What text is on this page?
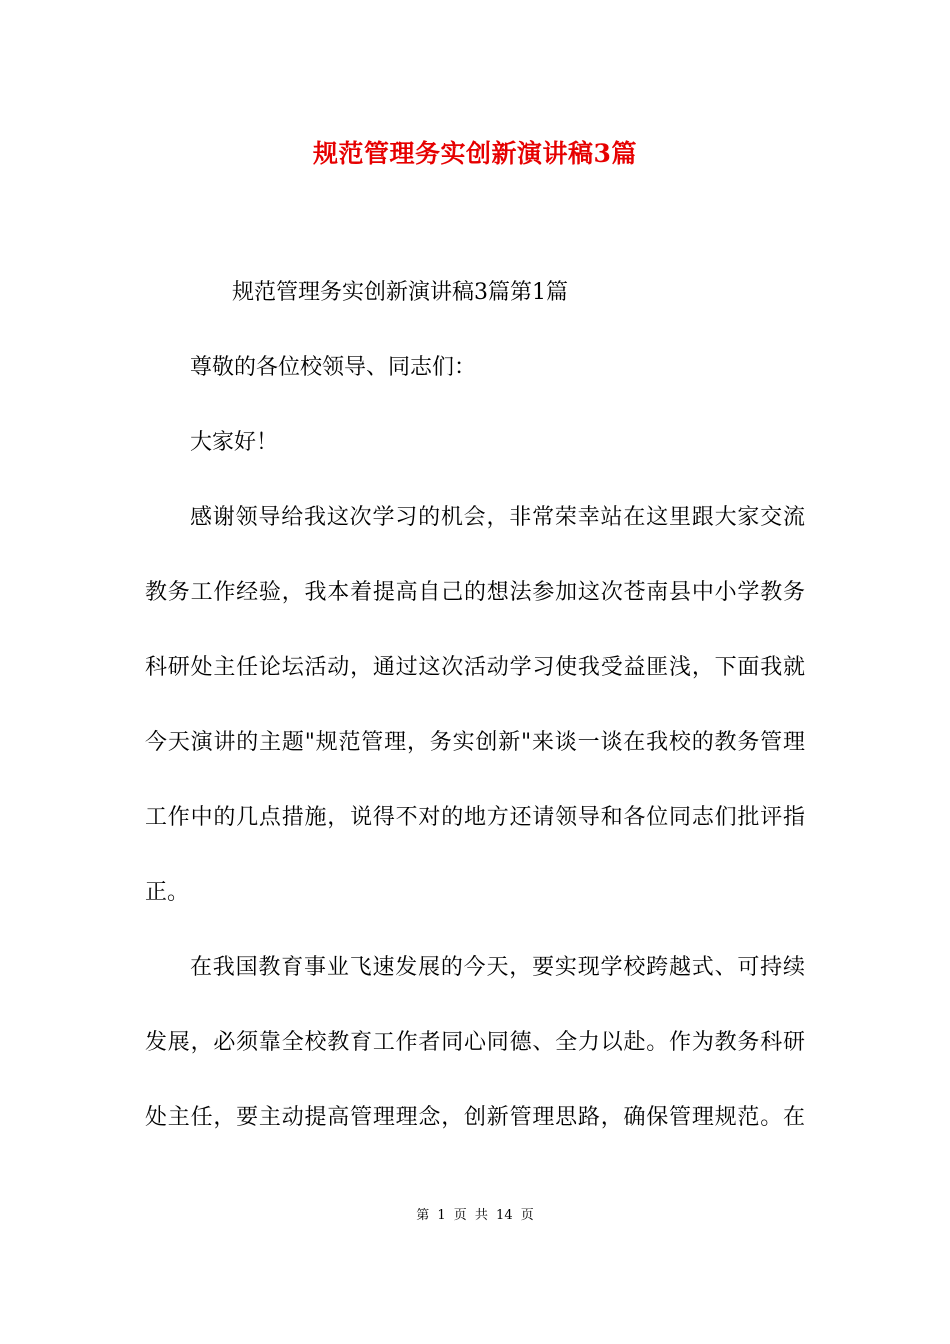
规范管理务实创新演讲稿3篇
规范管理务实创新演讲稿3篇第1篇
尊敬的各位校领导、同志们：
大家好！
感谢领导给我这次学习的机会，非常荣幸站在这里跟大家交流
教务工作经验，我本着提高自己的想法参加这次苍南县中小学教务
科研处主任论坛活动，通过这次活动学习使我受益匪浅，下面我就
今天演讲的主题"规范管理，务实创新"来谈一谈在我校的教务管理
工作中的几点措施，说得不对的地方还请领导和各位同志们批评指
正。
在我国教育事业飞速发展的今天，要实现学校跨越式、可持续
发展，必须靠全校教育工作者同心同德、全力以赴。作为教务科研
处主任，要主动提高管理理念，创新管理思路，确保管理规范。在
第 1 页 共 14 页
